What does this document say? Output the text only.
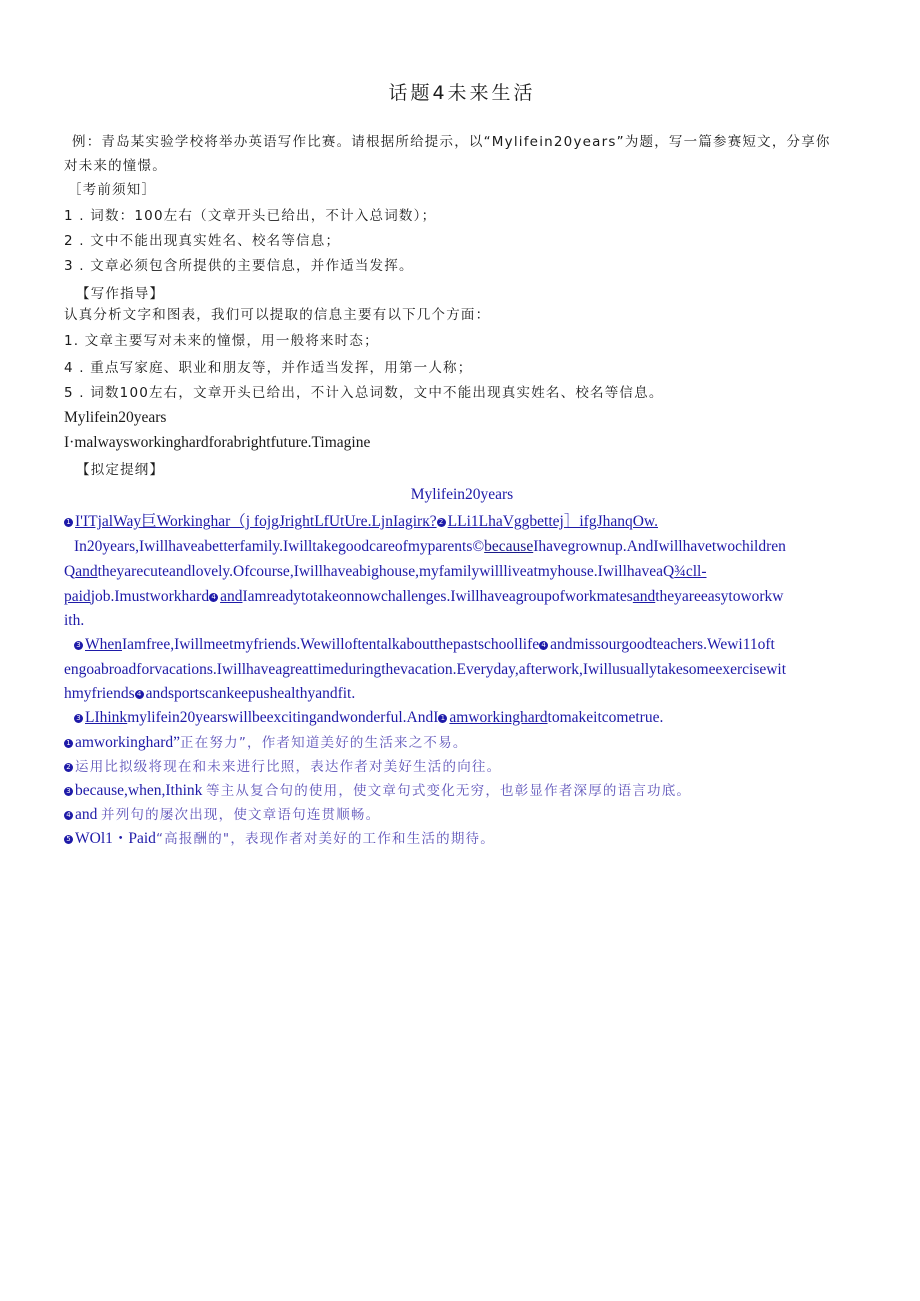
话题4未来生活
例：青岛某实验学校将举办英语写作比赛。请根据所给提示，以“Mylifein20years”为题，写一篇参赛短文，分享你
对未来的憧憬。
［考前须知］
1 . 词数：100左右（文章开头已给出，不计入总词数）；
2 . 文中不能出现真实姓名、校名等信息；
3 . 文章必须包含所提供的主要信息，并作适当发挥。
【写作指导】
认真分析文字和图表，我们可以提取的信息主要有以下几个方面：
1. 文章主要写对未来的憧憬，用一般将来时态；
4 . 重点写家庭、职业和朋友等，并作适当发挥，用第一人称；
5 . 词数100左右，文章开头已给出，不计入总词数，文中不能出现真实姓名、校名等信息。
Mylifein20years
I·malwaysworkinghardforabrightfuture.Timagine
【拟定提纲】
Mylifein20years
1 I'ITjalWay巨Workinghar（j fojgJrightLfUtUre.LjnIagirк? 2 LLi1LhaVggbettej］ifgJhanqOw.
In20years,Iwillhaveabetterfamily.Iwilltakegoodcareofmyparents©becauseIhavegrownup.AndIwillhavetwochildren
Qandtheyarecuteandlovely.Ofcourse,Iwillhaveabighouse,myfamilywillliveatmyhouse.IwillhaveaQ¾cll-
paidjob.Imustworkhard 4 andIamreadytotakeonnowchallenges.Iwillhaveagroupofworkmatesandtheyareeasytoworkw
ith.
3 WhenIamfree,Iwillmeetmyfriends.Wewilloftentalkaboutthepastschoollife 4 andmissourgoodteachers.Wewi11oft
engoabroadforvacations.Iwillhaveagreattimeduringthevacation.Everyday,afterwork,Iwillusuallytakesomeexercisewit
hmyfriends 4 andsportscankeepushealthyandfit.
3 LIhinkmylifein20yearswillbeexcitingandwonderful.AndI 1 amworkinghardtomakeitcometrue.
1 amworkinghard”正在努力”，作者知道美好的生活来之不易。
2 运用比拟级将现在和未来进行比照，表达作者对美好生活的向往。
3 because,when,Ithink 等主从复合句的使用，使文章句式变化无穷，也彰显作者深厚的语言功底。
4 and 并列句的屡次出现，使文章语句连贯顺畅。
5 WOl1・Paid“高报酬的"，表现作者对美好的工作和生活的期待。
